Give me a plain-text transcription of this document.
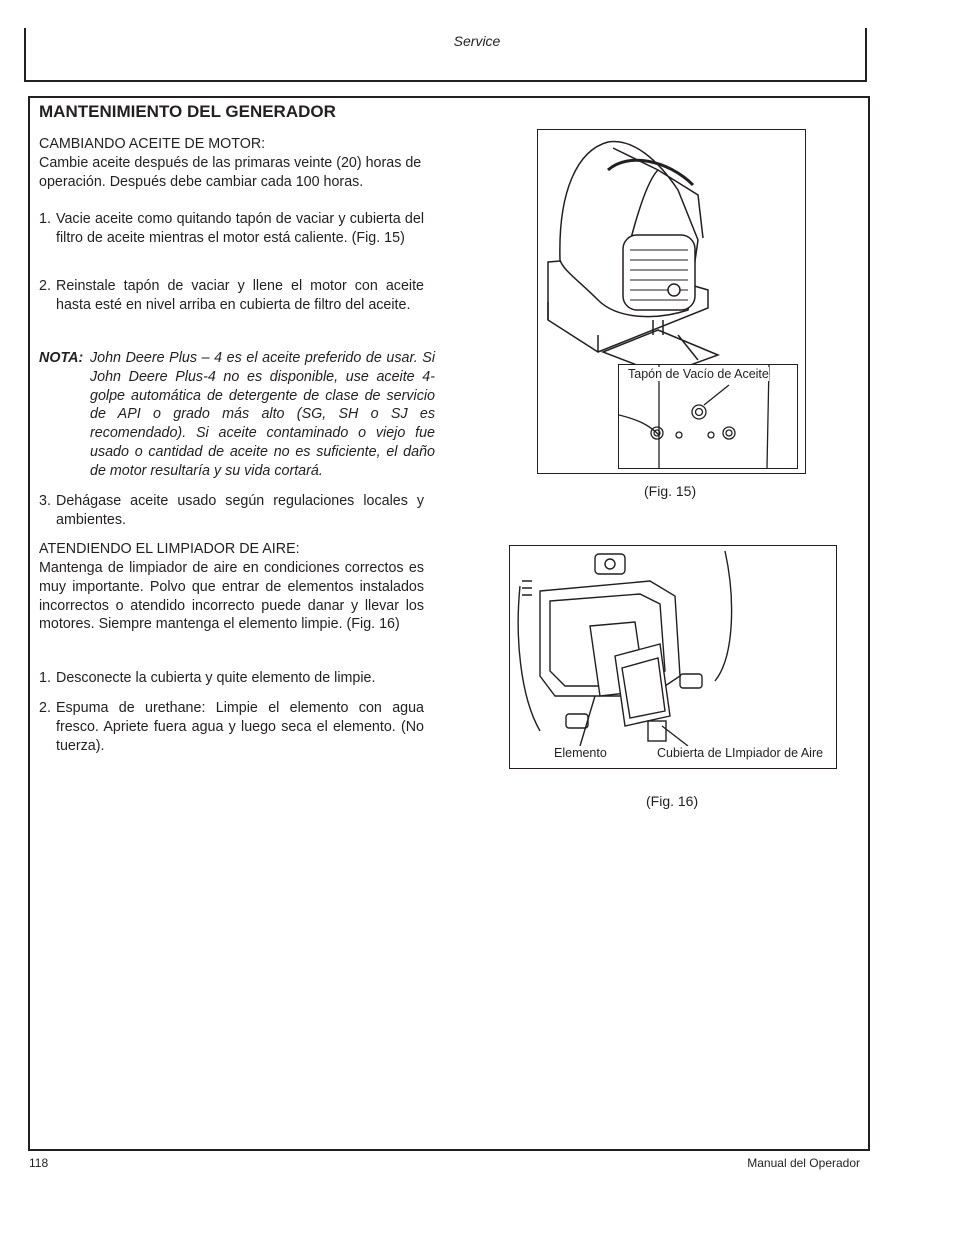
Service
MANTENIMIENTO DEL GENERADOR
CAMBIANDO ACEITE DE MOTOR:
Cambie aceite después de las primaras veinte (20) horas de operación. Después debe cambiar cada 100 horas.
1. Vacie aceite como quitando tapón de vaciar y cubierta del filtro de aceite mientras el motor está caliente. (Fig. 15)
2. Reinstale tapón de vaciar y llene el motor con aceite hasta esté en nivel arriba en cubierta de filtro del aceite.
NOTA: John Deere Plus – 4 es el aceite preferido de usar. Si John Deere Plus-4 no es disponible, use aceite 4-golpe automática de detergente de clase de servicio de API o grado más alto (SG, SH o SJ es recomendado). Si aceite contaminado o viejo fue usado o cantidad de aceite no es suficiente, el daño de motor resultaría y su vida cortará.
3. Dehágase aceite usado según regulaciones locales y ambientes.
ATENDIENDO EL LIMPIADOR DE AIRE:
Mantenga de limpiador de aire en condiciones correctos es muy importante. Polvo que entrar de elementos instalados incorrectos o atendido incorrecto puede danar y llevar los motores. Siempre mantenga el elemento limpie. (Fig. 16)
1. Desconecte la cubierta y quite elemento de limpie.
2. Espuma de urethane: Limpie el elemento con agua fresco. Apriete fuera agua y luego seca el elemento. (No tuerza).
Tapón de Vacío de Aceite
(Fig. 15)
Elemento	Cubierta de LImpiador de Aire
(Fig. 16)
118	Manual del Operador
